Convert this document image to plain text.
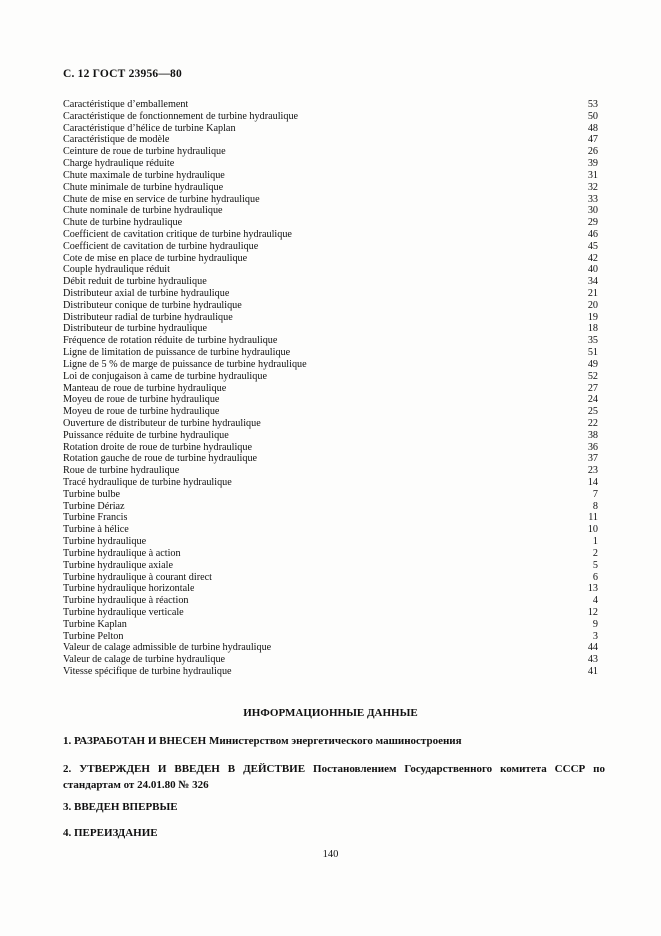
С. 12 ГОСТ 23956—80
Caractéristique d’emballement	53
Caractéristique de fonctionnement de turbine hydraulique	50
Caractéristique d’hélice de turbine Kaplan	48
Caractéristique de modèle	47
Ceinture de roue de turbine hydraulique	26
Charge hydraulique réduite	39
Chute maximale de turbine hydraulique	31
Chute minimale de turbine hydraulique	32
Chute de mise en service de turbine hydraulique	33
Chute nominale de turbine hydraulique	30
Chute de turbine hydraulique	29
Coefficient de cavitation critique de turbine hydraulique	46
Coefficient de cavitation de turbine hydraulique	45
Cote de mise en place de turbine hydraulique	42
Couple hydraulique réduit	40
Débit reduit de turbine hydraulique	34
Distributeur axial de turbine hydraulique	21
Distributeur conique de turbine hydraulique	20
Distributeur radial de turbine hydraulique	19
Distributeur de turbine hydraulique	18
Fréquence de rotation réduite de turbine hydraulique	35
Ligne de limitation de puissance de turbine hydraulique	51
Ligne de 5 % de marge de puissance de turbine hydraulique	49
Loi de conjugaison à came de turbine hydraulique	52
Manteau de roue de turbine hydraulique	27
Moyeu de roue de turbine hydraulique	24
Moyeu de roue de turbine hydraulique	25
Ouverture de distributeur de turbine hydraulique	22
Puissance réduite de turbine hydraulique	38
Rotation droite de roue de turbine hydraulique	36
Rotation gauche de roue de turbine hydraulique	37
Roue de turbine hydraulique	23
Tracé hydraulique de turbine hydraulique	14
Turbine bulbe	7
Turbine Dériaz	8
Turbine Francis	11
Turbine à hélice	10
Turbine hydraulique	1
Turbine hydraulique à action	2
Turbine hydraulique axiale	5
Turbine hydraulique à courant direct	6
Turbine hydraulique horizontale	13
Turbine hydraulique à réaction	4
Turbine hydraulique verticale	12
Turbine Kaplan	9
Turbine Pelton	3
Valeur de calage admissible de turbine hydraulique	44
Valeur de calage de turbine hydraulique	43
Vitesse spécifique de turbine hydraulique	41
ИНФОРМАЦИОННЫЕ ДАННЫЕ
1. РАЗРАБОТАН И ВНЕСЕН Министерством энергетического машиностроения
2. УТВЕРЖДЕН И ВВЕДЕН В ДЕЙСТВИЕ Постановлением Государственного комитета СССР по стандартам от 24.01.80 № 326
3. ВВЕДЕН ВПЕРВЫЕ
4. ПЕРЕИЗДАНИЕ
140
